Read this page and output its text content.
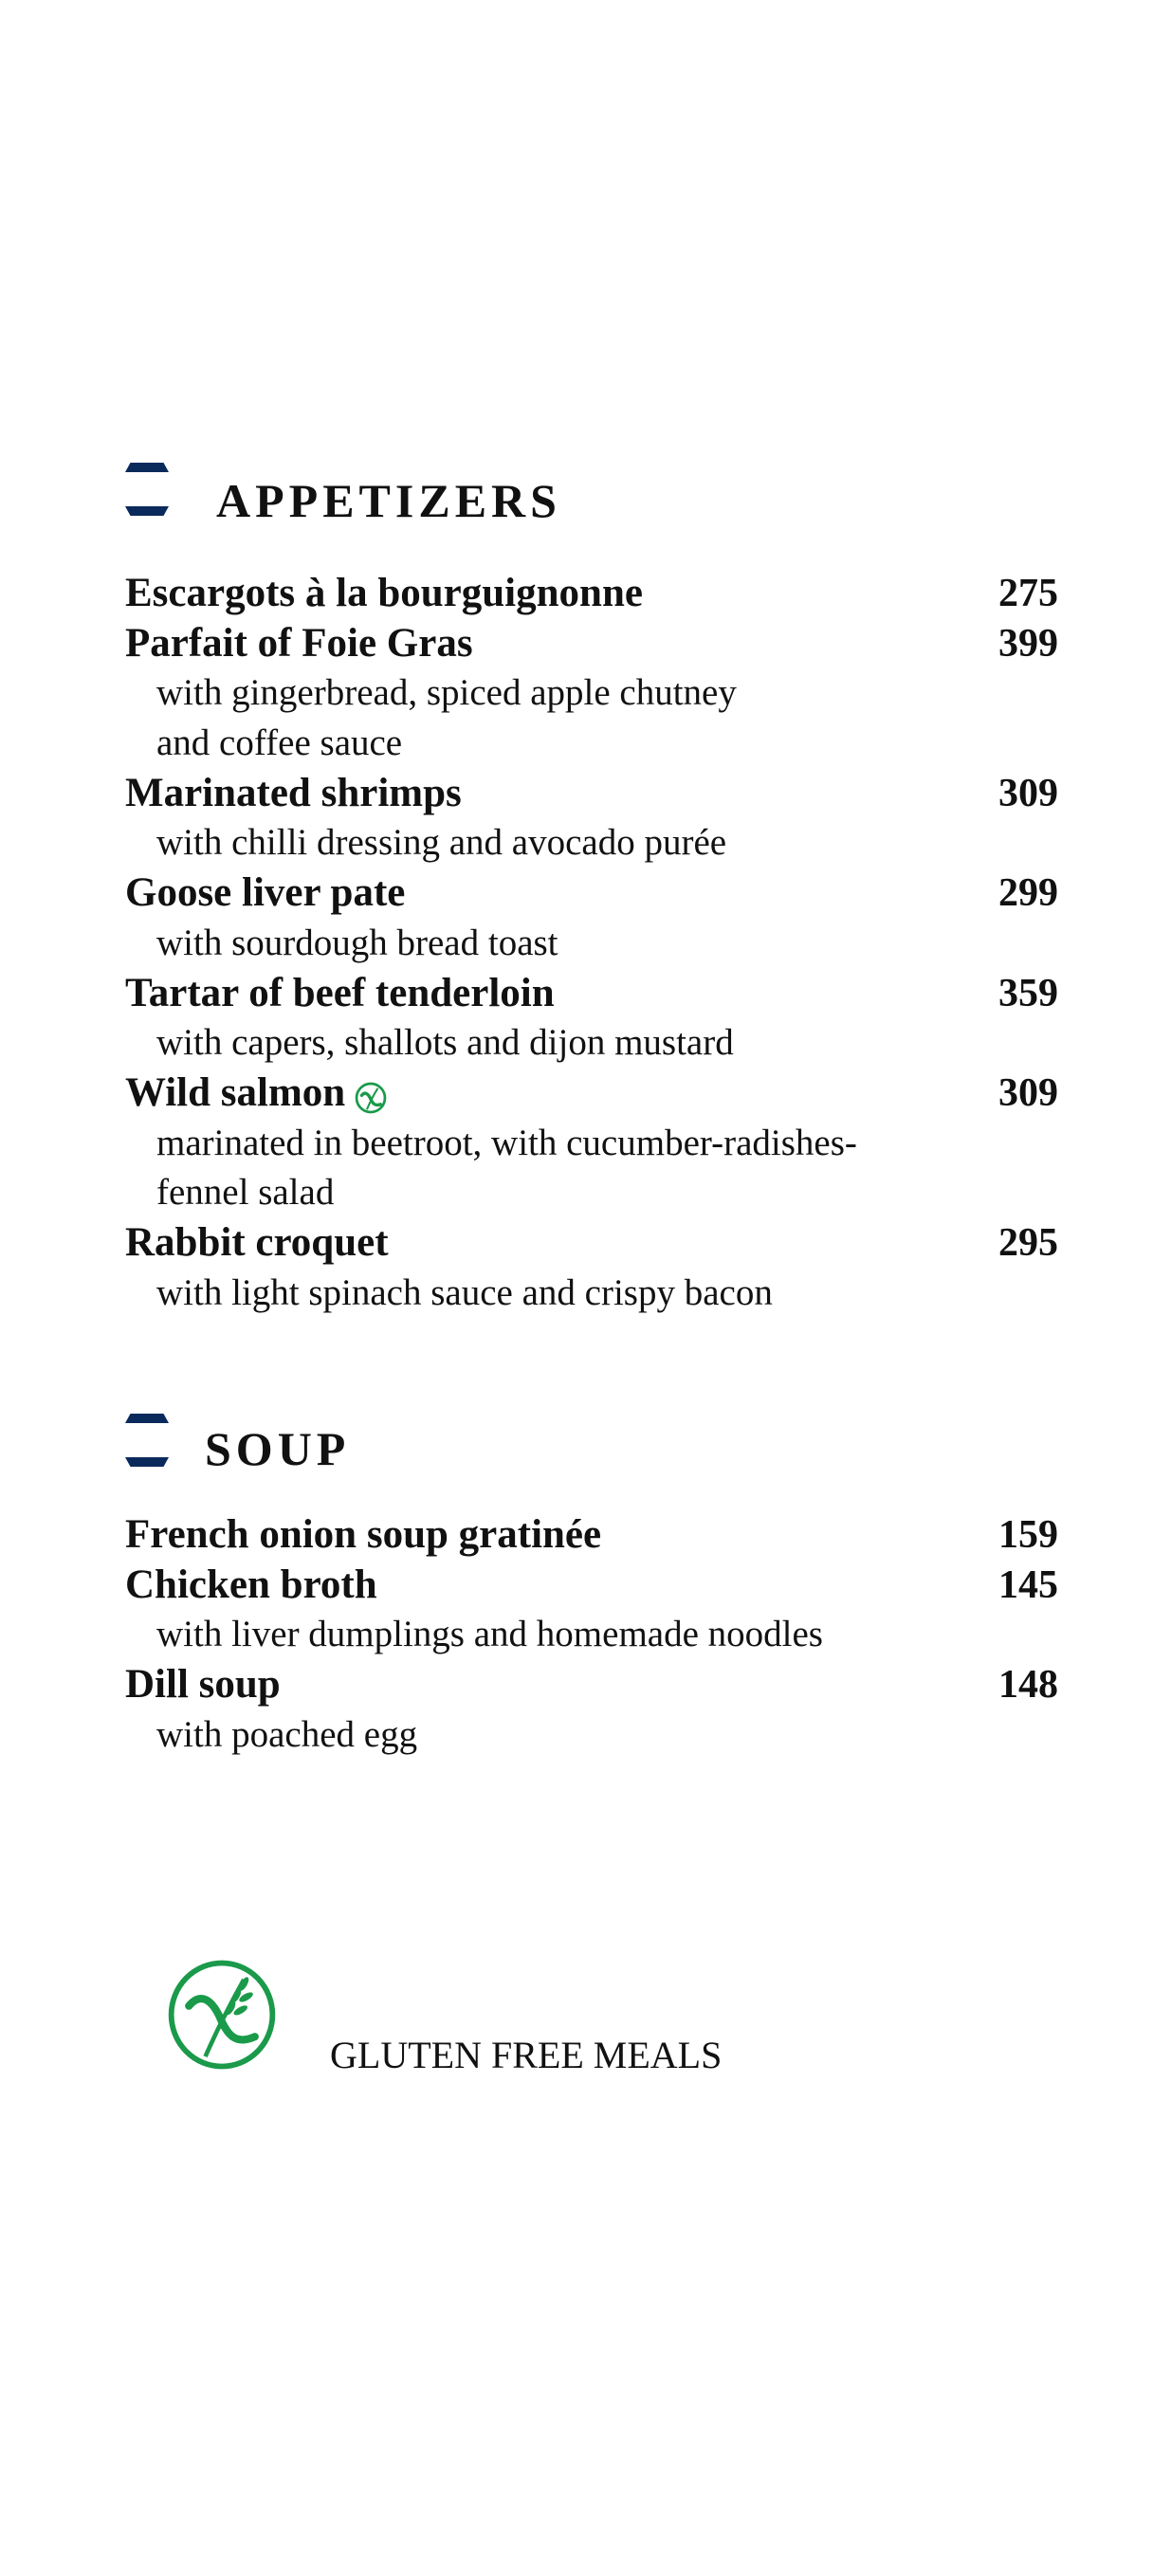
APPETIZERS
Escargots à la bourguignonne	275
Parfait of Foie Gras	399
with gingerbread, spiced apple chutney
and coffee sauce
Marinated shrimps	309
with chilli dressing and avocado purée
Goose liver pate	299
with sourdough bread toast
Tartar of beef tenderloin	359
with capers, shallots and dijon mustard
Wild salmon	309
marinated in beetroot, with cucumber-radishes-
fennel salad
Rabbit croquet	295
with light spinach sauce and crispy bacon
SOUP
French onion soup gratinée	159
Chicken broth	145
with liver dumplings and homemade noodles
Dill soup	148
with poached egg
GLUTEN FREE MEALS
